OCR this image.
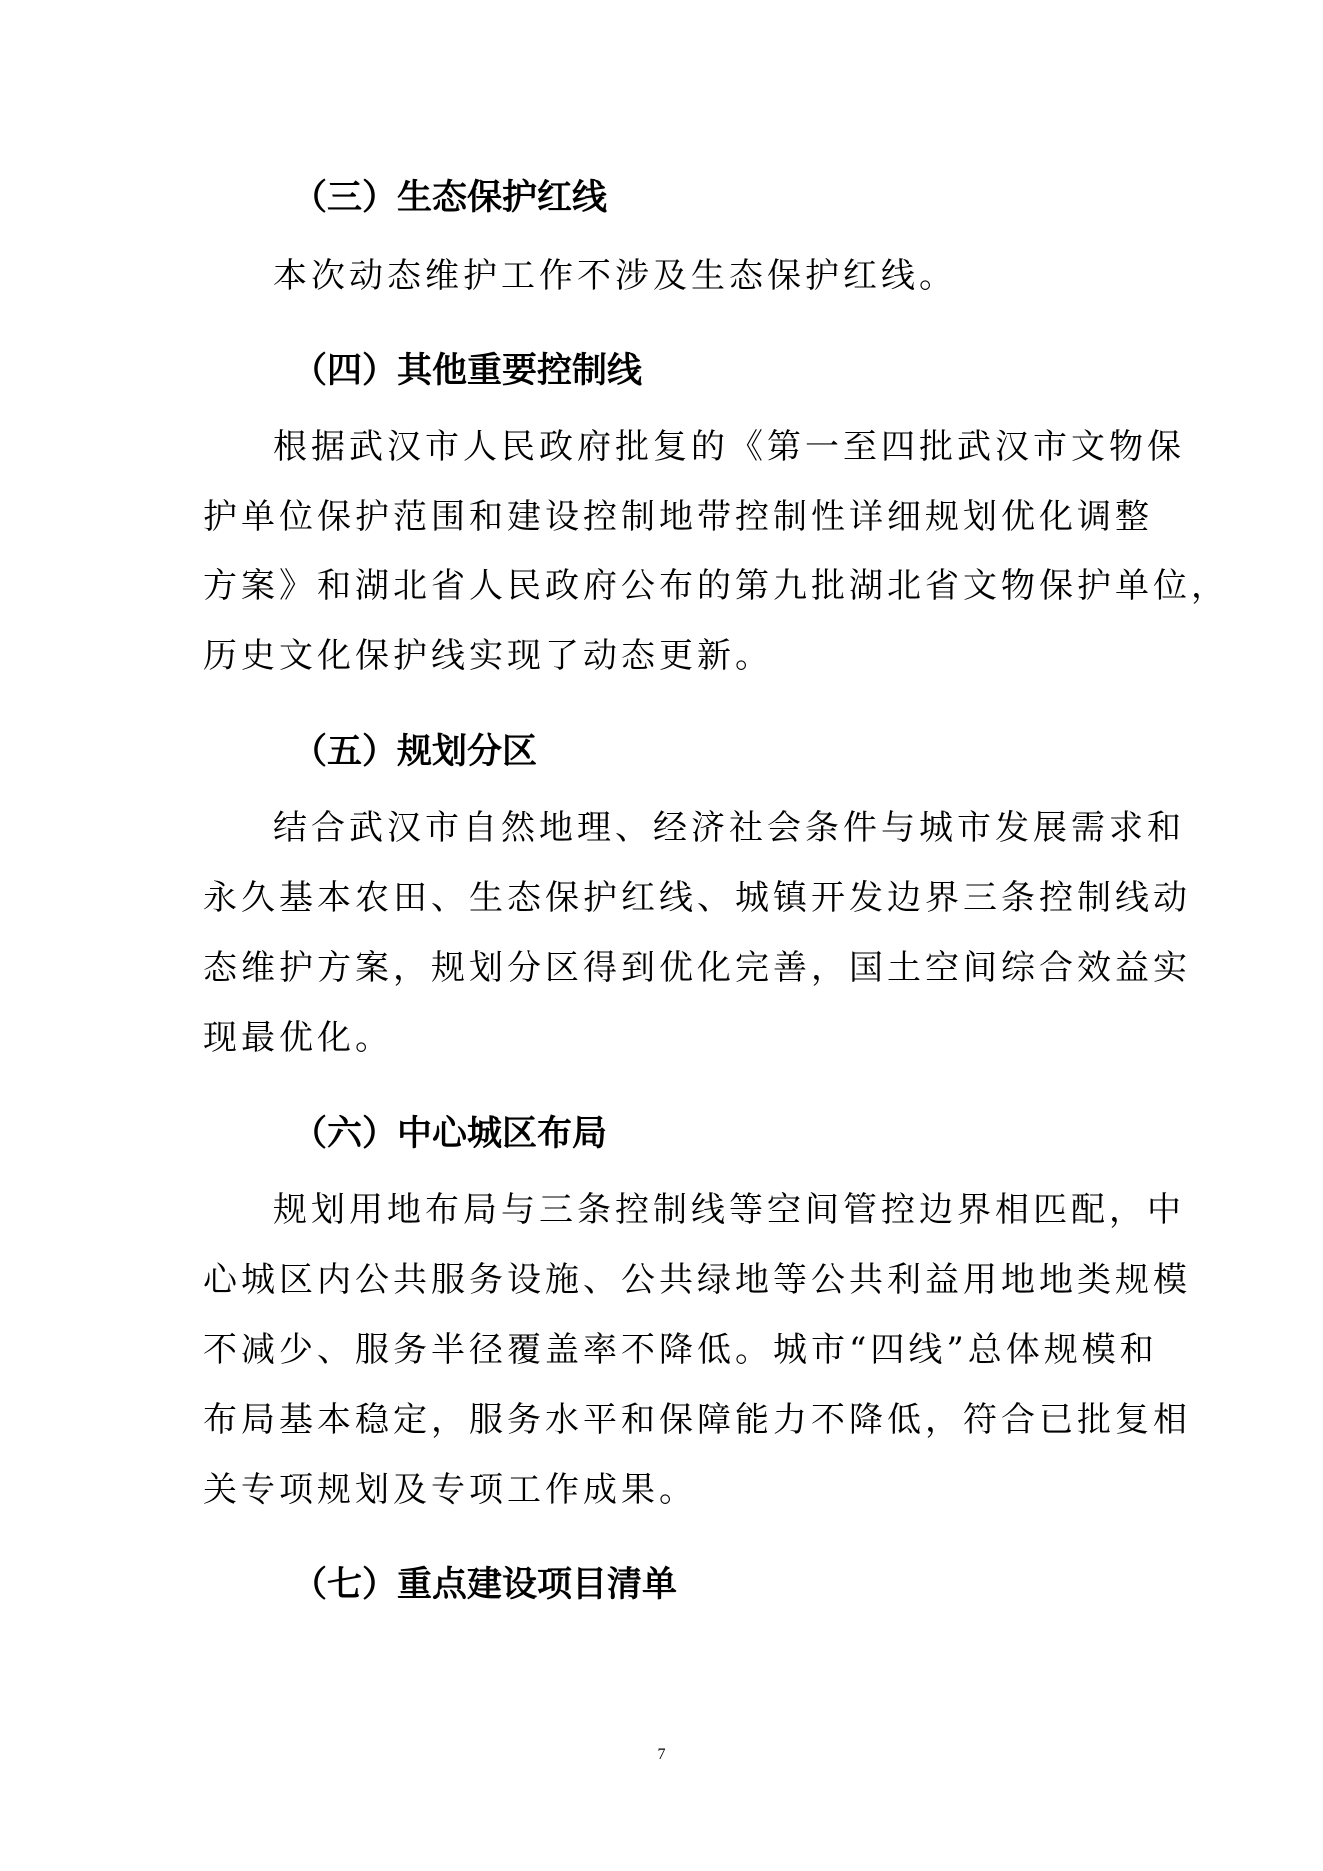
（三）生态保护红线

本次动态维护工作不涉及生态保护红线。

（四）其他重要控制线

根据武汉市人民政府批复的《第一至四批武汉市文物保

护单位保护范围和建设控制地带控制性详细规划优化调整

方案》和湖北省人民政府公布的第九批湖北省文物保护单位，

历史文化保护线实现了动态更新。

（五）规划分区

结合武汉市自然地理、经济社会条件与城市发展需求和

永久基本农田、生态保护红线、城镇开发边界三条控制线动

态维护方案，规划分区得到优化完善，国土空间综合效益实

现最优化。

（六）中心城区布局

规划用地布局与三条控制线等空间管控边界相匹配，中

心城区内公共服务设施、公共绿地等公共利益用地地类规模

不减少、服务半径覆盖率不降低。城市“四线”总体规模和

布局基本稳定，服务水平和保障能力不降低，符合已批复相

关专项规划及专项工作成果。

（七）重点建设项目清单
7
